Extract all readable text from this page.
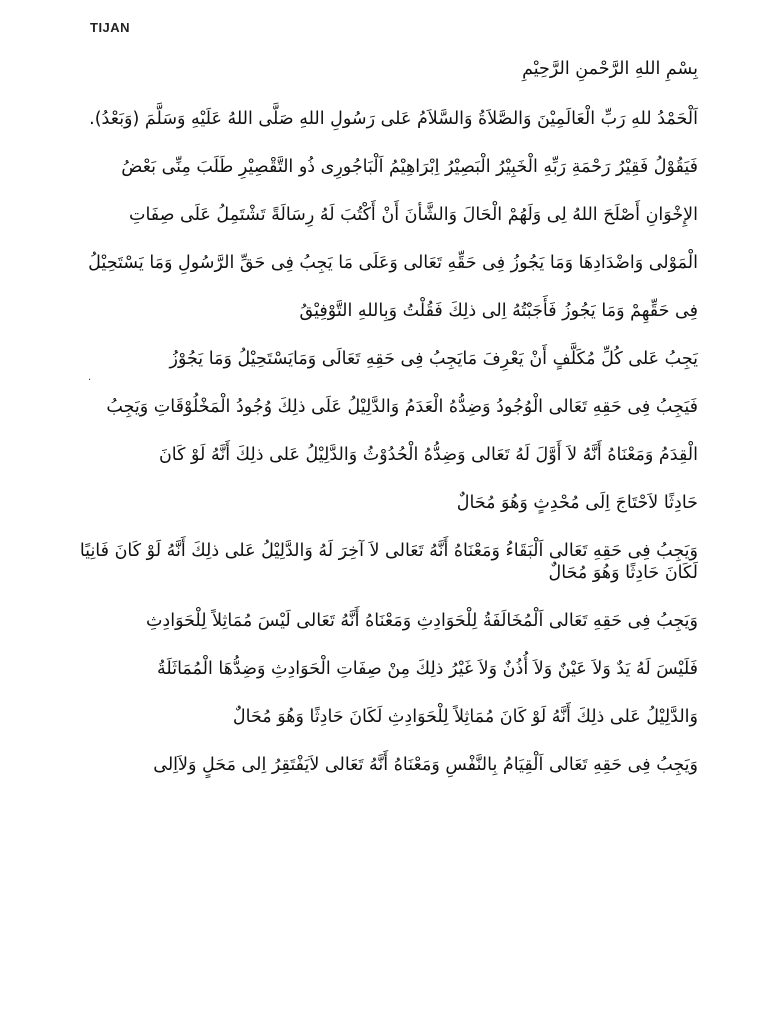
TIJAN
.

بِسْمِ اللهِ الرَّحْمنِ الرَّحِيْمِ

اَلْحَمْدُ للهِ رَبِّ الْعَالَمِيْنَ وَالصَّلاَةُ وَالسَّلاَمُ عَلى رَسُولِ اللهِ صَلَّى اللهُ عَلَيْهِ وَسَلَّمَ (وَبَعْدُ).

فَيَقُوْلُ فَقِيْرُ رَحْمَةِ رَبِّهِ الْخَبِيْرُ الْبَصِيْرُ اِبْرَاهِيْمُ اَلْبَاجُورِى ذُو التَّقْصِيْرِ طَلَبَ مِنِّى بَعْضُ

الإِخْوَانِ أَصْلَحَ اللهُ لِى وَلَهُمْ الْحَالَ وَالشَّأنَ أَنْ أَكْتُبَ لَهُ رِسَالَةً تَشْتَمِلُ عَلَى صِفَاتِ

الْمَوْلى وَاضْدَادِهَا وَمَا يَجُوزُ فِى حَقِّهِ تَعَالى وَعَلَى مَا يَجِبُ فِى حَقِّ الرَّسُولِ وَمَا يَسْتَحِيْلُ

فِى حَقِّهِمْ وَمَا يَجُوزُ فَأَجَبْتُهُ اِلى ذلِكَ فَقُلْتُ وَبِاللهِ التَّوْفِيْقُ

يَجِبُ عَلى كُلِّ مُكَلَّفٍ أَنْ يَعْرِفَ مَايَجِبُ فِى حَقِهِ تَعَالَى وَمَايَسْتَحِيْلُ وَمَا يَجُوْزُ

فَيَجِبُ فِى حَقِهِ تَعَالى الْوُجُودُ وَضِدُّهُ الْعَدَمُ وَالدَّلِيْلُ عَلَى ذلِكَ وُجُودُ الْمَخْلُوْقَاتِ وَيَجِبُ

الْقِدَمُ وَمَعْنَاهُ أَنَّهُ لاَ أَوَّلَ لَهُ تَعَالى وَضِدُّهُ الْحُدُوْثُ وَالدَّلِيْلُ عَلى ذلِكَ أَنَّهُ لَوْ كَانَ

حَادِثًا لاَحْتَاجَ اِلَى مُحْدِثٍ وَهُوَ مُحَالٌ

وَيَجِبُ فِى حَقِهِ تَعَالى اَلْبَقَاءُ وَمَعْنَاهُ أَنَّهُ تَعَالى لاَ آخِرَ لَهُ وَالدَّلِيْلُ عَلى ذلِكَ أَنَّهُ لَوْ كَانَ فَانِيًا لَكَانَ حَادِثًا وَهُوَ مُحَالٌ

وَيَجِبُ فِى حَقِهِ تَعَالى اَلْمُخَالَفَةُ لِلْحَوَادِثِ وَمَعْنَاهُ أَنَّهُ تَعَالى لَيْسَ مُمَاثِلاً لِلْحَوَادِثِ

فَلَيْسَ لَهُ يَدٌ وَلاَ عَيْنٌ وَلاَ أُذُنٌ وَلاَ غَيْرُ ذلِكَ مِنْ صِفَاتِ الْحَوَادِثِ وَضِدُّهَا الْمُمَاثَلَةُ

وَالدَّلِيْلُ عَلى ذلِكَ أَنَّهُ لَوْ كَانَ مُمَاثِلاً لِلْحَوَادِثِ لَكَانَ حَادِثًا وَهُوَ مُحَالٌ

وَيَجِبُ فِى حَقِهِ تَعَالى اَلْقِيَامُ بِالنَّفْسِ وَمَعْنَاهُ أَنَّهُ تَعَالى لاَيَفْتَقِرُ اِلى مَحَلٍ وَلاَاِلى
